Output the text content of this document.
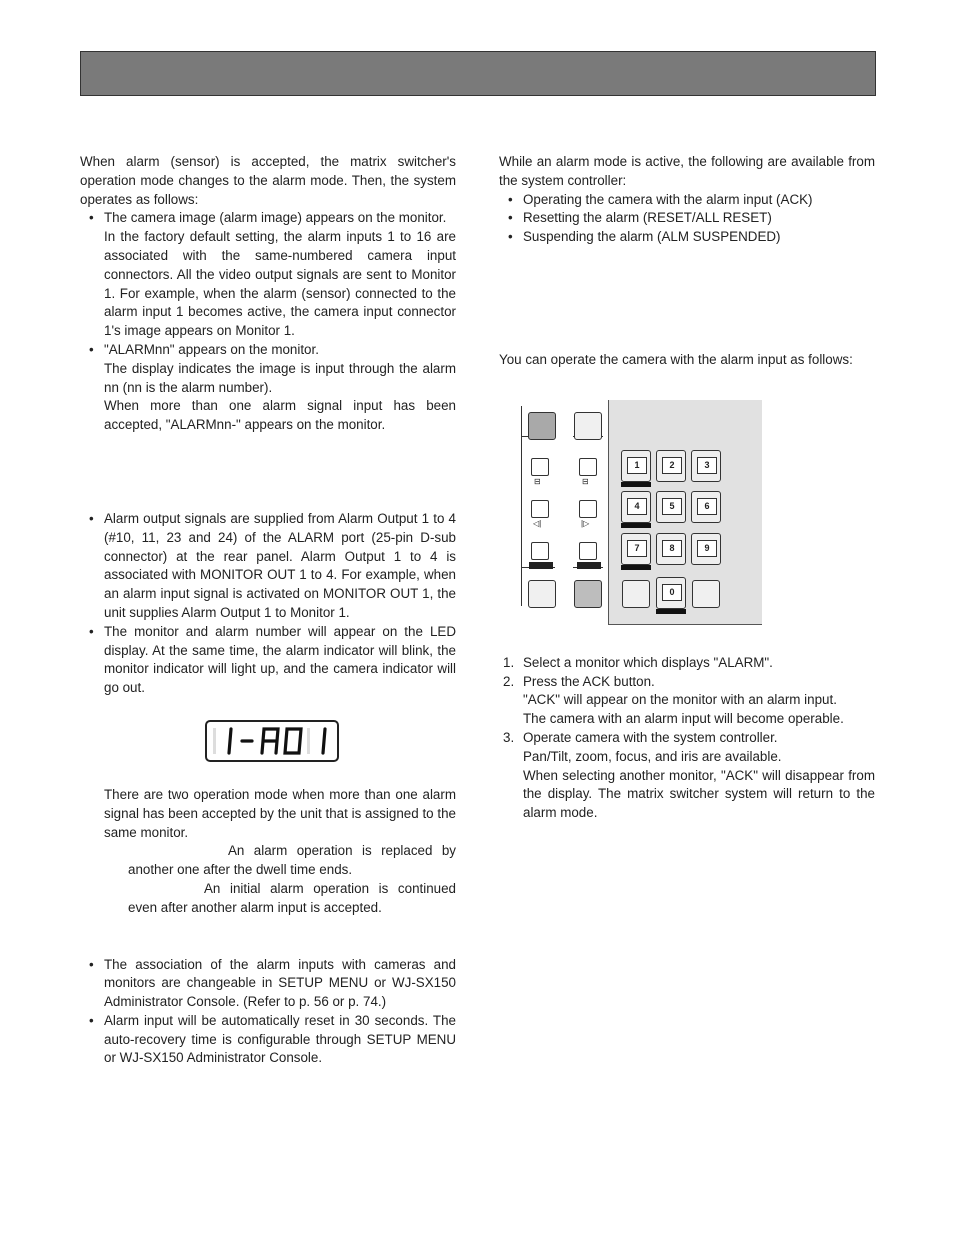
When alarm (sensor) is accepted, the matrix switcher's operation mode changes to the alarm mode. Then, the system operates as follows:

• The camera image (alarm image) appears on the monitor.
In the factory default setting, the alarm inputs 1 to 16 are associated with the same-numbered camera input connectors. All the video output signals are sent to Monitor 1. For example, when the alarm (sensor) connected to the alarm input 1 becomes active, the camera input connector 1's image appears on Monitor 1.
• "ALARMnn" appears on the monitor.
The display indicates the image is input through the alarm nn (nn is the alarm number).
When more than one alarm signal input has been accepted, "ALARMnn-" appears on the monitor.
• Alarm output signals are supplied from Alarm Output 1 to 4 (#10, 11, 23 and 24) of the ALARM port (25-pin D-sub connector) at the rear panel. Alarm Output 1 to 4 is associated with MONITOR OUT 1 to 4. For example, when an alarm input signal is activated on MONITOR OUT 1, the unit supplies Alarm Output 1 to Monitor 1.
• The monitor and alarm number will appear on the LED display. At the same time, the alarm indicator will blink, the monitor indicator will light up, and the camera indicator will go out.

There are two operation mode when more than one alarm signal has been accepted by the unit that is assigned to the same monitor.

An alarm operation is replaced by another one after the dwell time ends.

An initial alarm operation is continued even after another alarm input is accepted.

• The association of the alarm inputs with cameras and monitors are changeable in SETUP MENU or WJ-SX150 Administrator Console. (Refer to p. 56 or p. 74.)
• Alarm input will be automatically reset in 30 seconds. The auto-recovery time is configurable through SETUP MENU or WJ-SX150 Administrator Console.

While an alarm mode is active, the following are available from the system controller:

• Operating the camera with the alarm input (ACK)
• Resetting the alarm (RESET/ALL RESET)
• Suspending the alarm (ALM SUSPENDED)

You can operate the camera with the alarm input as follows:

⊟	⊟
◁|	|▷
1	2	3
4	5	6
7	8	9
0
1. Select a monitor which displays "ALARM".
2. Press the ACK button.
"ACK" will appear on the monitor with an alarm input.
The camera with an alarm input will become operable.
3. Operate camera with the system controller.
Pan/Tilt, zoom, focus, and iris are available.
When selecting another monitor, "ACK" will disappear from the display. The matrix switcher system will return to the alarm mode.
